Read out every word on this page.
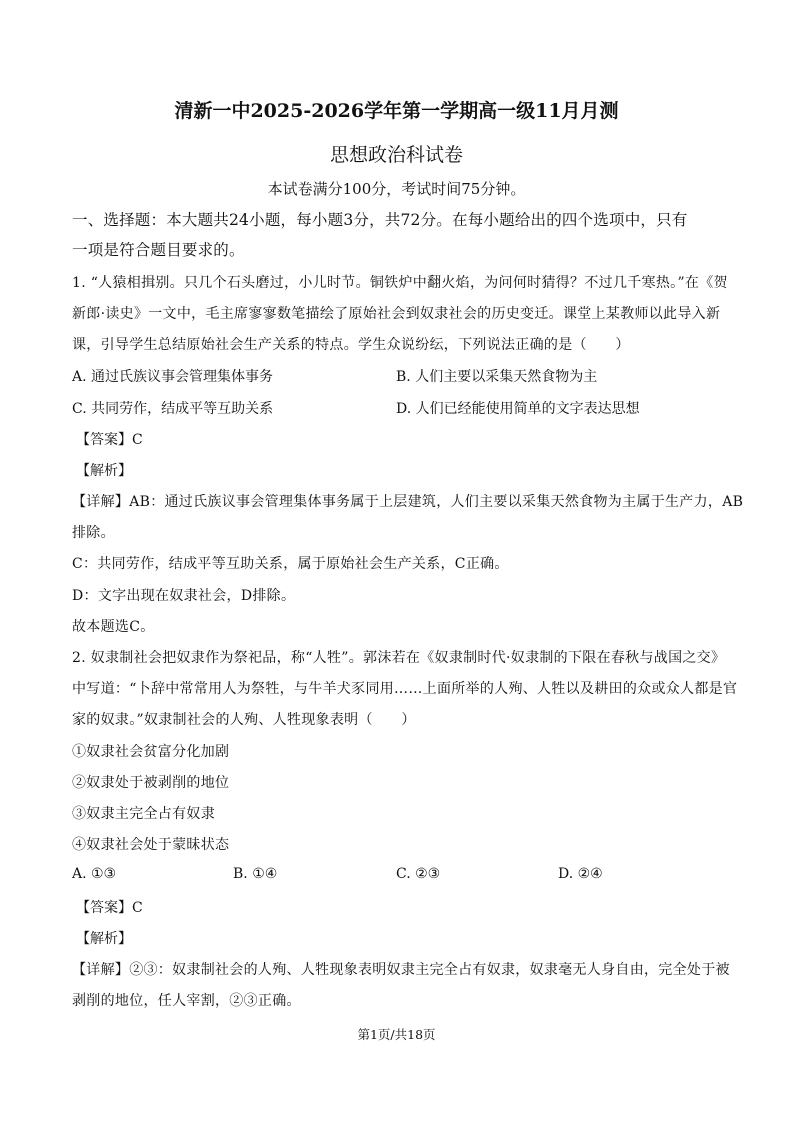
清新一中2025-2026学年第一学期高一级11月月测
思想政治科试卷
本试卷满分100分，考试时间75分钟。
一、选择题：本大题共24小题，每小题3分，共72分。在每小题给出的四个选项中，只有
一项是符合题目要求的。
1. “人猿相揖别。只几个石头磨过，小儿时节。铜铁炉中翻火焰，为问何时猜得？不过几千寒热。”在《贺
新郎·读史》一文中，毛主席寥寥数笔描绘了原始社会到奴隶社会的历史变迁。课堂上某教师以此导入新
课，引导学生总结原始社会生产关系的特点。学生众说纷纭，下列说法正确的是（　　）
A. 通过氏族议事会管理集体事务	B. 人们主要以采集天然食物为主
C. 共同劳作，结成平等互助关系	D. 人们已经能使用简单的文字表达思想
【答案】C
【解析】
【详解】AB：通过氏族议事会管理集体事务属于上层建筑，人们主要以采集天然食物为主属于生产力，AB
排除。
C：共同劳作，结成平等互助关系，属于原始社会生产关系，C正确。
D：文字出现在奴隶社会，D排除。
故本题选C。
2. 奴隶制社会把奴隶作为祭祀品，称“人牲”。郭沫若在《奴隶制时代·奴隶制的下限在春秋与战国之交》
中写道：“卜辞中常常用人为祭牲，与牛羊犬豕同用……上面所举的人殉、人牲以及耕田的众或众人都是官
家的奴隶。”奴隶制社会的人殉、人牲现象表明（　　）
①奴隶社会贫富分化加剧
②奴隶处于被剥削的地位
③奴隶主完全占有奴隶
④奴隶社会处于蒙昧状态
A. ①③	B. ①④	C. ②③	D. ②④
【答案】C
【解析】
【详解】②③：奴隶制社会的人殉、人牲现象表明奴隶主完全占有奴隶，奴隶毫无人身自由，完全处于被
剥削的地位，任人宰割，②③正确。
第1页/共18页
